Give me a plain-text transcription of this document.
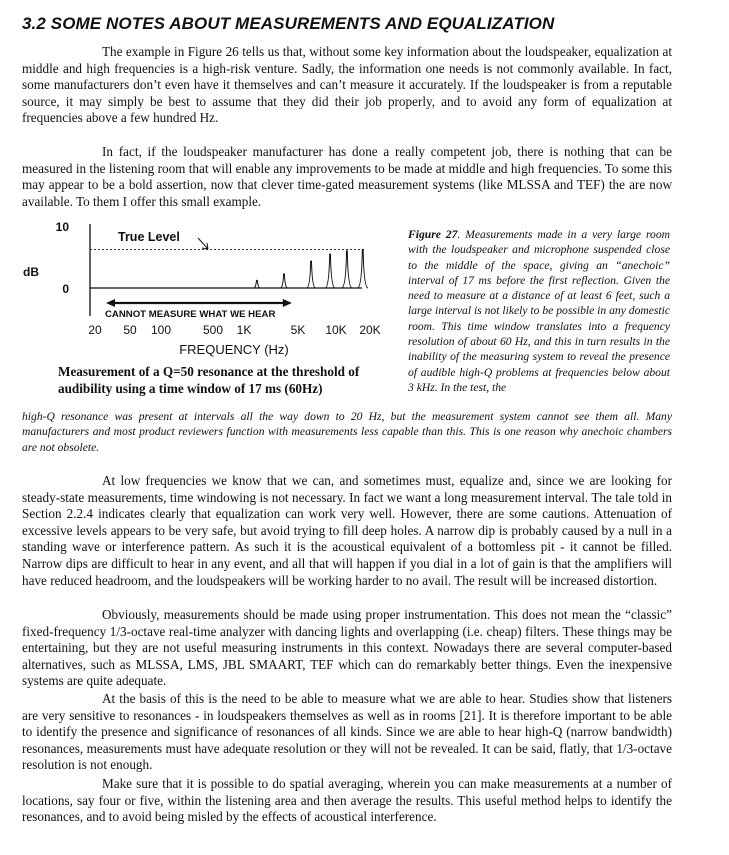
3.2 SOME NOTES ABOUT MEASUREMENTS AND EQUALIZATION

The example in Figure 26 tells us that, without some key information about the loudspeaker, equalization at middle and high frequencies is a high-risk venture. Sadly, the information one needs is not commonly available. In fact, some manufacturers don’t even have it themselves and can’t measure it accurately. If the loudspeaker is from a reputable source, it may simply be best to assume that they did their job properly, and to avoid any form of equalization at frequencies above a few hundred Hz.

In fact, if the loudspeaker manufacturer has done a really competent job, there is nothing that can be measured in the listening room that will enable any improvements to be made at middle and high frequencies. To some this may appear to be a bold assertion, now that clever time-gated measurement systems (like MLSSA and TEF) the are now available. To them I offer this small example.

10
0
dB
True Level
CANNOT MEASURE WHAT WE HEAR
20 50 100	500 1K	5K 10K 20K
FREQUENCY (Hz)

Measurement of a Q=50 resonance at the threshold of audibility using a time window of 17 ms (60Hz)

Figure 27. Measurements made in a very large room with the loudspeaker and microphone suspended close to the middle of the space, giving an “anechoic” interval of 17 ms before the first reflection. Given the need to measure at a distance of at least 6 feet, such a large interval is not likely to be possible in any domestic room. This time window translates into a frequency resolution of about 60 Hz, and this in turn results in the inability of the measuring system to reveal the presence of audible high-Q problems at frequencies below about 3 kHz. In the test, the

high-Q resonance was present at intervals all the way down to 20 Hz, but the measurement system cannot see them all. Many manufacturers and most product reviewers function with measurements less capable than this. This is one reason why anechoic chambers are not obsolete.

At low frequencies we know that we can, and sometimes must, equalize and, since we are looking for steady-state measurements, time windowing is not necessary. In fact we want a long measurement interval. The tale told in Section 2.2.4 indicates clearly that equalization can work very well. However, there are some cautions. Attenuation of excessive levels appears to be very safe, but avoid trying to fill deep holes. A narrow dip is probably caused by a null in a standing wave or interference pattern. As such it is the acoustical equivalent of a bottomless pit - it cannot be filled. Narrow dips are difficult to hear in any event, and all that will happen if you dial in a lot of gain is that the amplifiers will have reduced headroom, and the loudspeakers will be working harder to no avail. The result will be increased distortion.

Obviously, measurements should be made using proper instrumentation. This does not mean the “classic” fixed-frequency 1/3-octave real-time analyzer with dancing lights and overlapping (i.e. cheap) filters. These things may be entertaining, but they are not useful measuring instruments in this context. Nowadays there are several computer-based alternatives, such as MLSSA, LMS, JBL SMAART, TEF which can do remarkably better things. Even the inexpensive systems are quite adequate.

At the basis of this is the need to be able to measure what we are able to hear. Studies show that listeners are very sensitive to resonances - in loudspeakers themselves as well as in rooms [21]. It is therefore important to be able to identify the presence and significance of resonances of all kinds. Since we are able to hear high-Q (narrow bandwidth) resonances, measurements must have adequate resolution or they will not be revealed. It can be said, flatly, that 1/3-octave resolution is not enough.

Make sure that it is possible to do spatial averaging, wherein you can make measurements at a number of locations, say four or five, within the listening area and then average the results. This useful method helps to identify the resonances, and to avoid being misled by the effects of acoustical interference.
